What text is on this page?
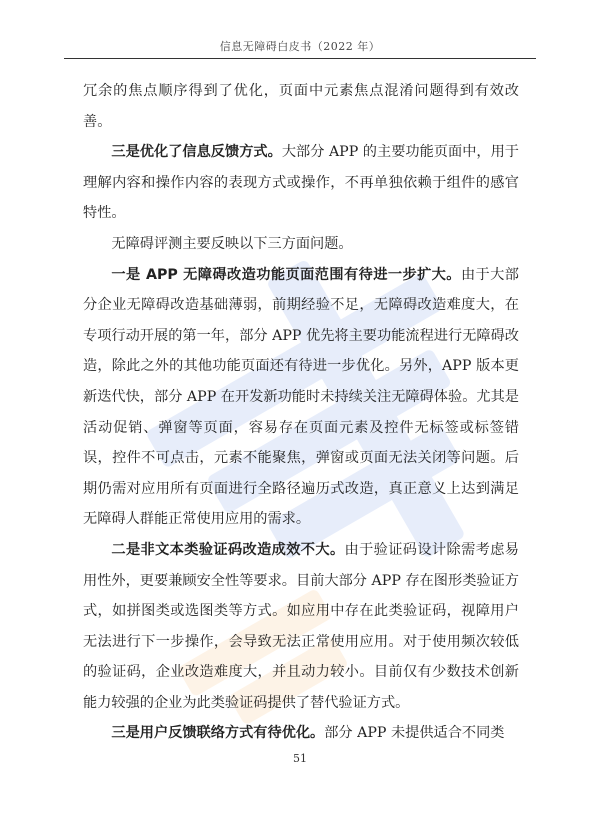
信息无障碍白皮书（2022 年）

冗余的焦点顺序得到了优化，页面中元素焦点混淆问题得到有效改善。

三是优化了信息反馈方式。大部分 APP 的主要功能页面中，用于理解内容和操作内容的表现方式或操作，不再单独依赖于组件的感官特性。

无障碍评测主要反映以下三方面问题。

一是 APP 无障碍改造功能页面范围有待进一步扩大。由于大部分企业无障碍改造基础薄弱，前期经验不足，无障碍改造难度大，在专项行动开展的第一年，部分 APP 优先将主要功能流程进行无障碍改造，除此之外的其他功能页面还有待进一步优化。另外，APP 版本更新迭代快，部分 APP 在开发新功能时未持续关注无障碍体验。尤其是活动促销、弹窗等页面，容易存在页面元素及控件无标签或标签错误，控件不可点击，元素不能聚焦，弹窗或页面无法关闭等问题。后期仍需对应用所有页面进行全路径遍历式改造，真正意义上达到满足无障碍人群能正常使用应用的需求。

二是非文本类验证码改造成效不大。由于验证码设计除需考虑易用性外，更要兼顾安全性等要求。目前大部分 APP 存在图形类验证方式，如拼图类或选图类等方式。如应用中存在此类验证码，视障用户无法进行下一步操作，会导致无法正常使用应用。对于使用频次较低的验证码，企业改造难度大，并且动力较小。目前仅有少数技术创新能力较强的企业为此类验证码提供了替代验证方式。

三是用户反馈联络方式有待优化。部分 APP 未提供适合不同类

51
